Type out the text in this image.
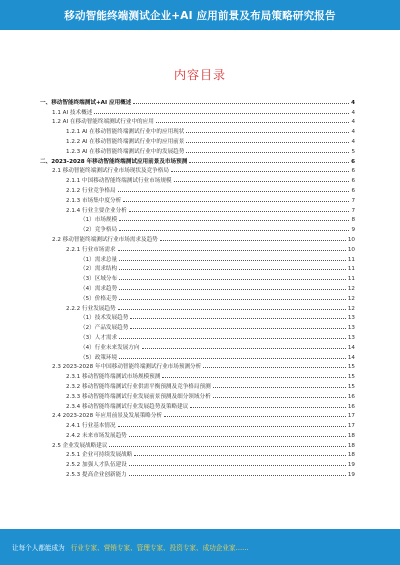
移动智能终端测试企业+AI 应用前景及布局策略研究报告
内容目录
一、移动智能终端测试+AI 应用概述	4
1.1 AI 技术概述	4
1.2 AI 在移动智能终端测试行业中的应用	4
1.2.1 AI 在移动智能终端测试行业中的应用现状	4
1.2.2 AI 在移动智能终端测试行业中的应用前景	4
1.2.3 AI 在移动智能终端测试行业中的发展趋势	5
二、2023-2028 年移动智能终端测试应用前景及市场预测	6
2.1 移动智能终端测试行业市场现状及竞争格局	6
2.1.1 中国移动智能终端测试行业市场规模	6
2.1.2 行业竞争格局	6
2.1.3 市场集中度分析	7
2.1.4 行业主要企业分析	7
（1）市场规模	8
（2）竞争格局	9
2.2 移动智能终端测试行业市场需求及趋势	10
2.2.1 行业市场需求	10
（1）需求总量	11
（2）需求结构	11
（3）区域分布	11
（4）需求趋势	12
（5）价格走势	12
2.2.2 行业发展趋势	12
（1）技术发展趋势	13
（2）产品发展趋势	13
（3）人才需求	13
（4）行业未来发展方向	14
（5）政策环境	14
2.3 2023-2028 年中国移动智能终端测试行业市场预测分析	15
2.3.1 移动智能终端测试市场规模预测	15
2.3.2 移动智能终端测试行业供需平衡预测及竞争格局预测	15
2.3.3 移动智能终端测试行业发展前景预测及细分领域分析	16
2.3.4 移动智能终端测试行业发展趋势及策略建议	16
2.4 2023-2028 年应用前景及发展策略分析	17
2.4.1 行业基本情况	17
2.4.2 未来市场发展趋势	18
2.5 企业发展战略建议	18
2.5.1 企业可持续发展战略	18
2.5.2 加强人才队伍建设	19
2.5.3 提高企业创新能力	19
让每个人都能成为 行业专家、营销专家、管理专家、投资专家、成功企业家……
